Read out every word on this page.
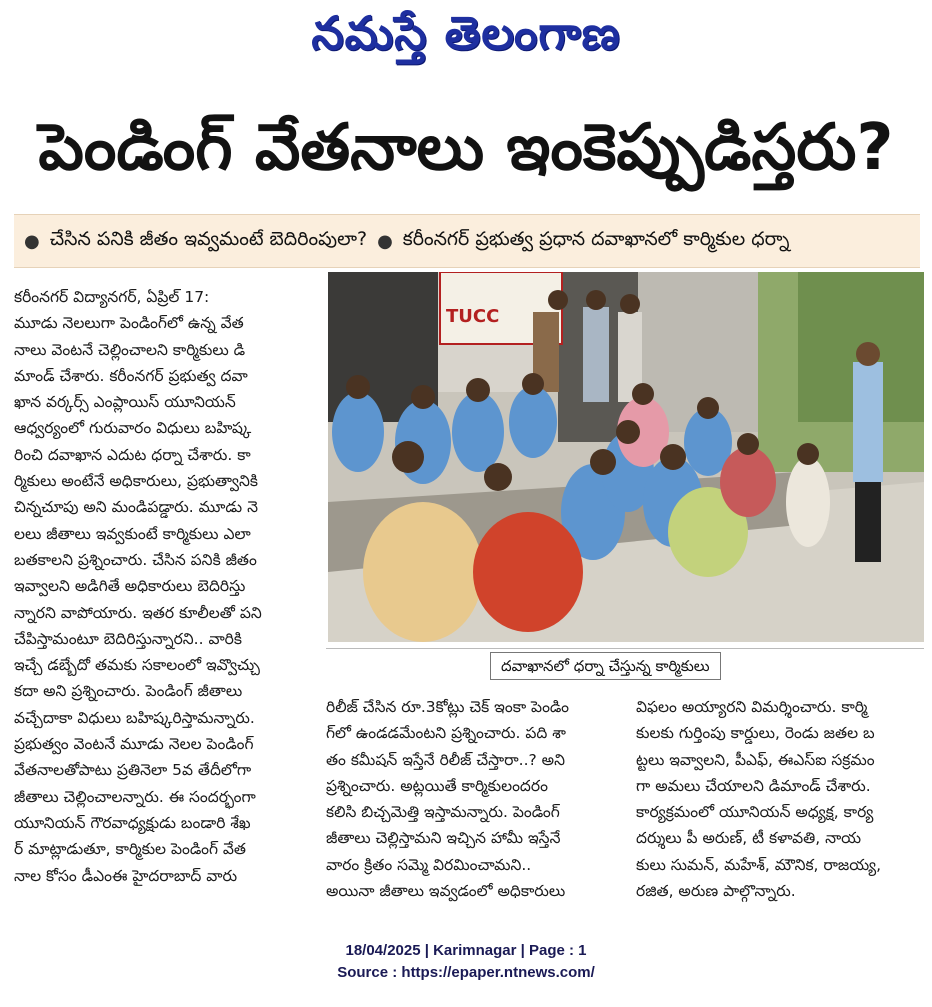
నమస్తే తెలంగాణ
పెండింగ్ వేతనాలు ఇంకెప్పుడిస్తరు?
● చేసిన పనికి జీతం ఇవ్వమంటే బెదిరింపులా? ● కరీంనగర్ ప్రభుత్వ ప్రధాన దవాఖానలో కార్మికుల ధర్నా

కరీంనగర్ విద్యానగర్, ఏప్రిల్ 17:

మూడు నెలలుగా పెండింగ్‌లో ఉన్న వేత

నాలు వెంటనే చెల్లించాలని కార్మికులు డి

మాండ్ చేశారు. కరీంనగర్ ప్రభుత్వ దవా

ఖాన వర్కర్స్ ఎంప్లాయిస్ యూనియన్

ఆధ్వర్యంలో గురువారం విధులు బహిష్క

రించి దవాఖాన ఎదుట ధర్నా చేశారు. కా

ర్మికులు అంటేనే అధికారులు, ప్రభుత్వానికి

చిన్నచూపు అని మండిపడ్డారు. మూడు నె

లలు జీతాలు ఇవ్వకుంటే కార్మికులు ఎలా

బతకాలని ప్రశ్నించారు. చేసిన పనికి జీతం

ఇవ్వాలని అడిగితే అధికారులు బెదిరిస్తు

న్నారని వాపోయారు. ఇతర కూలీలతో పని

చేపిస్తామంటూ బెదిరిస్తున్నారని.. వారికి

ఇచ్చే డబ్బేదో తమకు సకాలంలో ఇవ్వొచ్చు

కదా అని ప్రశ్నించారు. పెండింగ్ జీతాలు

వచ్చేదాకా విధులు బహిష్కరిస్తామన్నారు.

ప్రభుత్వం వెంటనే మూడు నెలల పెండింగ్

వేతనాలతోపాటు ప్రతినెలా 5వ తేదీలోగా

జీతాలు చెల్లించాలన్నారు. ఈ సందర్భంగా

యూనియన్ గౌరవాధ్యక్షుడు బండారి శేఖ

ర్ మాట్లాడుతూ, కార్మికుల పెండింగ్ వేత

నాల కోసం డీఎంఈ హైదరాబాద్ వారు

TUCC
దవాఖానలో ధర్నా చేస్తున్న కార్మికులు

రిలీజ్ చేసిన రూ.3కోట్లు చెక్ ఇంకా పెండిం

గ్‌లో ఉండడమేంటని ప్రశ్నించారు. పది శా

తం కమీషన్ ఇస్తేనే రిలీజ్ చేస్తారా..? అని

ప్రశ్నించారు. అట్లయితే కార్మికులందరం

కలిసి బిచ్చమెత్తి ఇస్తామన్నారు. పెండింగ్

జీతాలు చెల్లిస్తామని ఇచ్చిన హామీ ఇస్తేనే

వారం క్రితం సమ్మె విరమించామని..

అయినా జీతాలు ఇవ్వడంలో అధికారులు

విఫలం అయ్యారని విమర్శించారు. కార్మి

కులకు గుర్తింపు కార్డులు, రెండు జతల బ

ట్టలు ఇవ్వాలని, పీఎఫ్, ఈఎస్ఐ సక్రమం

గా అమలు చేయాలని డిమాండ్ చేశారు.

కార్యక్రమంలో యూనియన్ అధ్యక్ష, కార్య

దర్శులు పీ అరుణ్, టీ కళావతి, నాయ

కులు సుమన్, మహేశ్, మౌనిక, రాజయ్య,

రజిత, అరుణ పాల్గొన్నారు.

18/04/2025 | Karimnagar | Page : 1
Source : https://epaper.ntnews.com/
